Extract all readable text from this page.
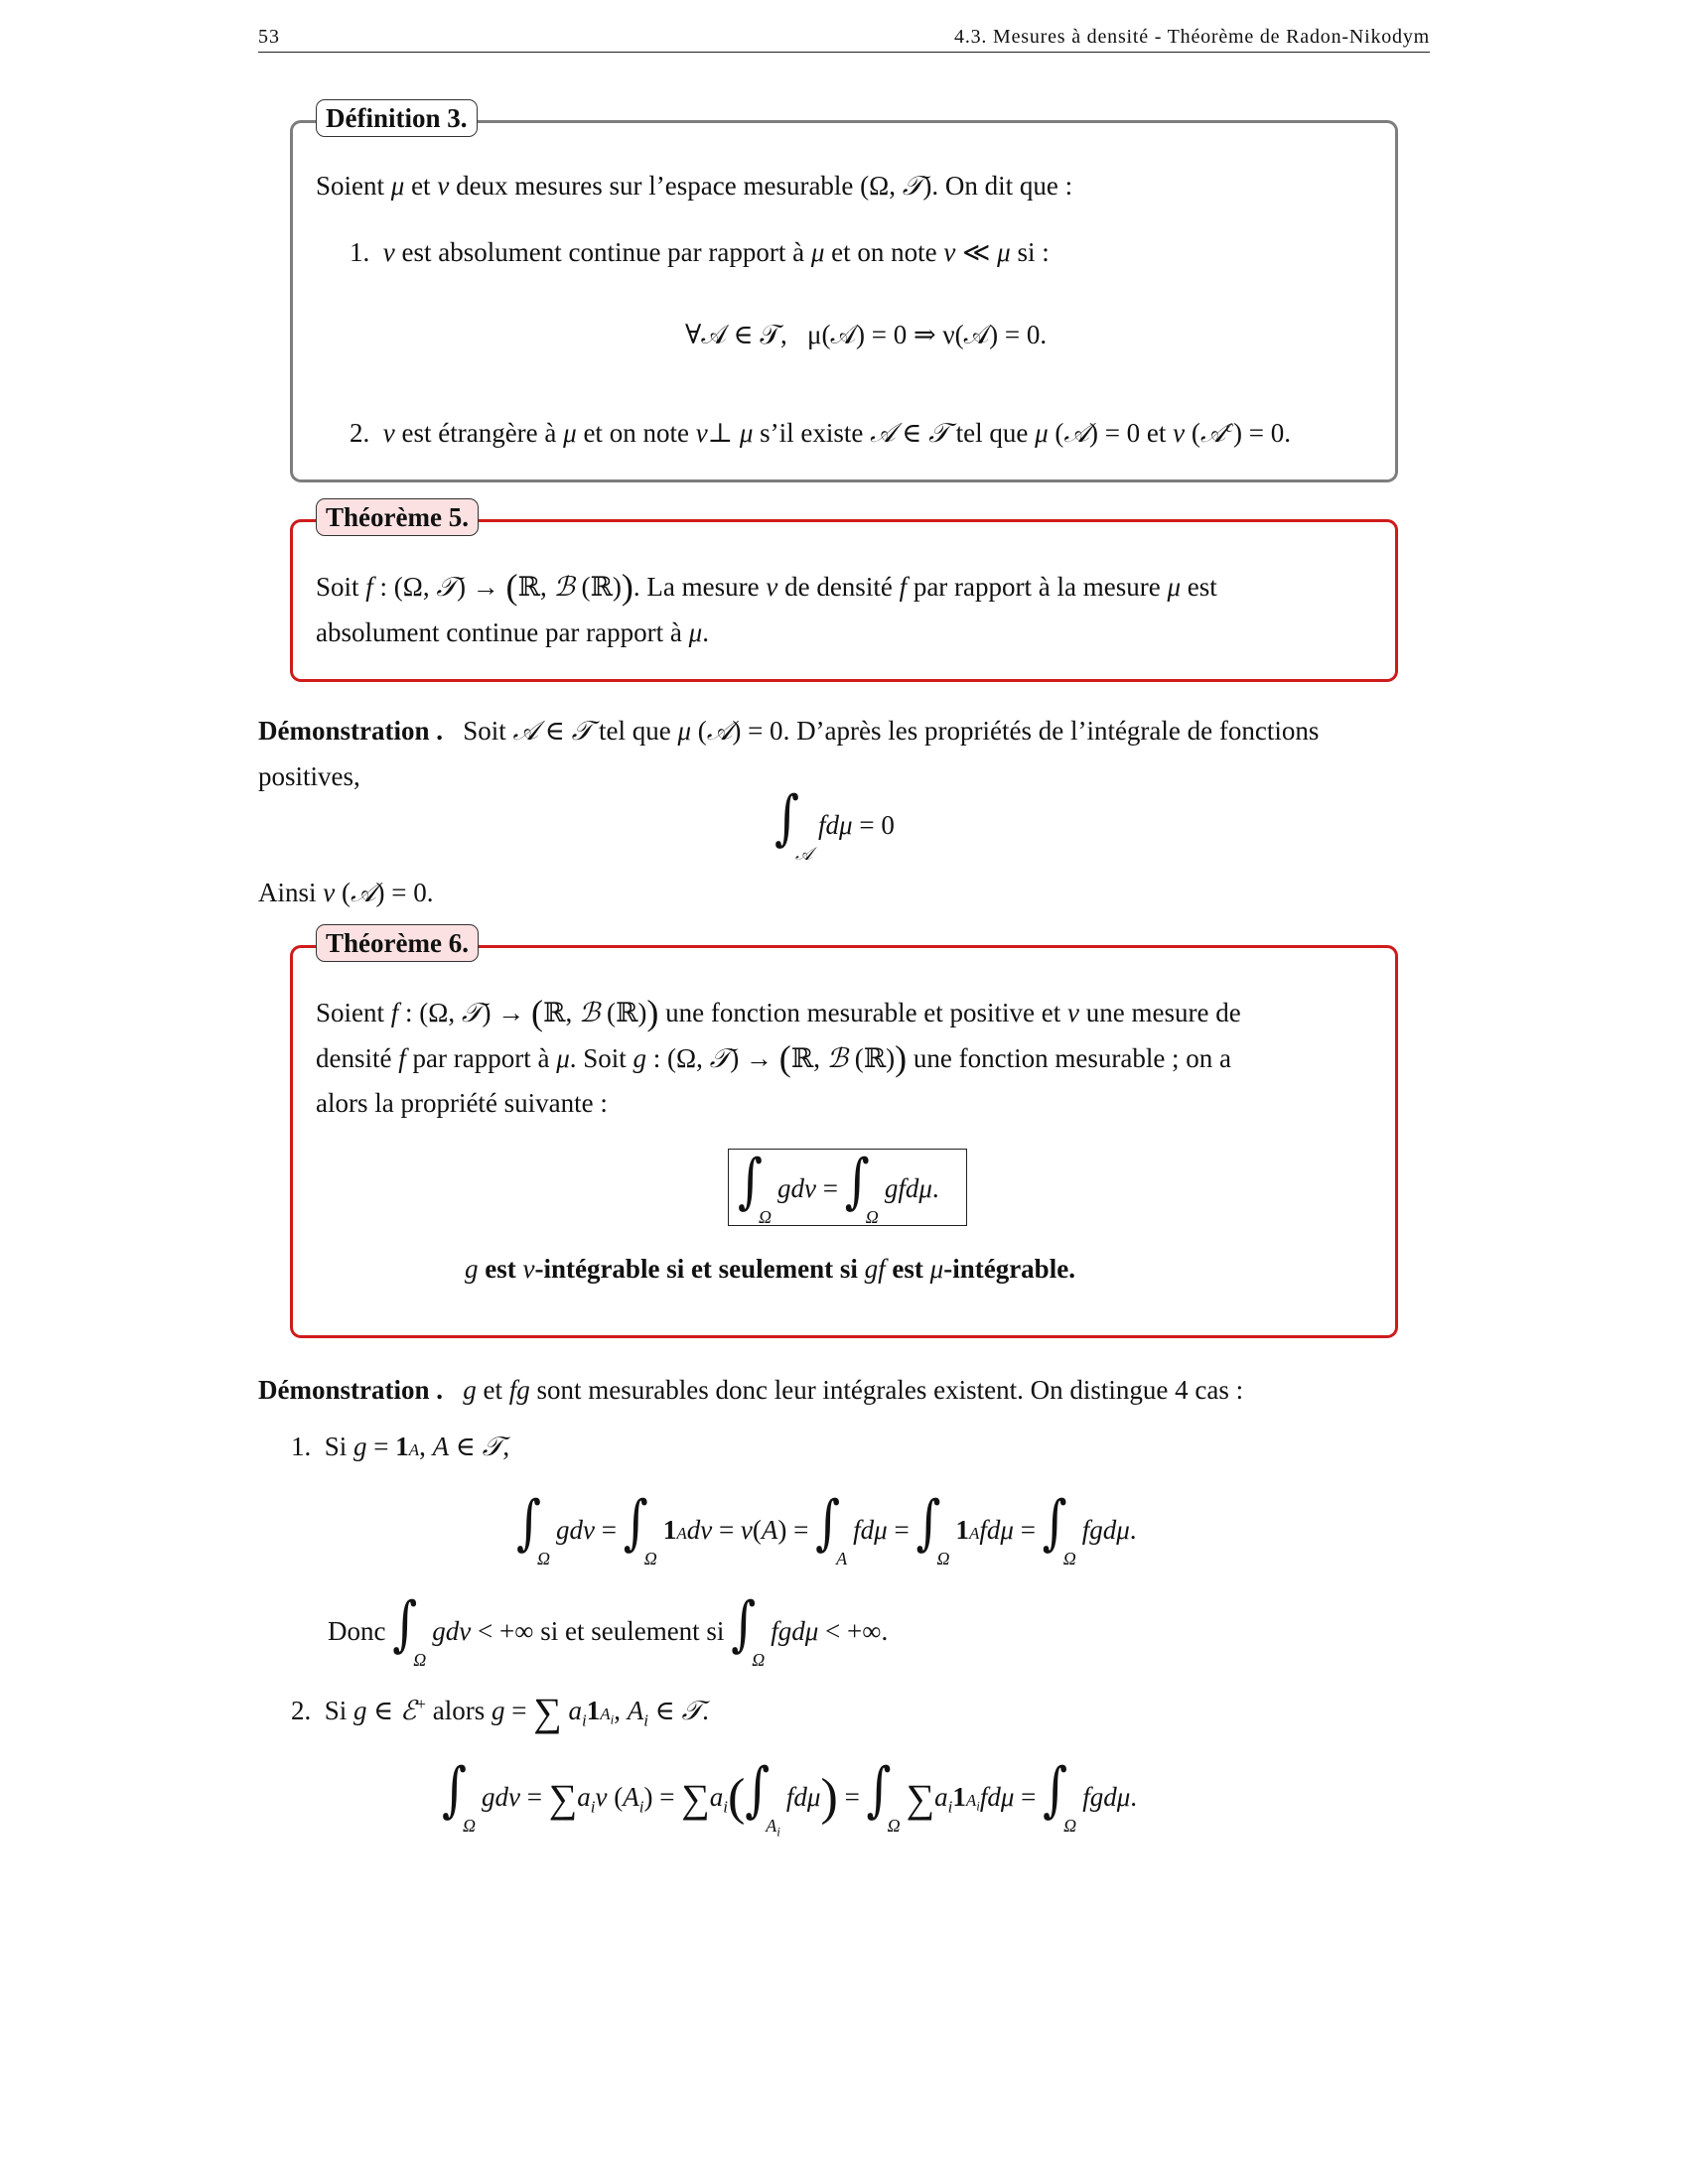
53	4.3. Mesures à densité - Théorème de Radon-Nikodym
Définition 3.
Soient μ et ν deux mesures sur l’espace mesurable (Ω, 𝒯). On dit que :
1. ν est absolument continue par rapport à μ et on note ν ≪ μ si :
∀𝒜 ∈ 𝒯, μ(𝒜) = 0 ⇒ ν(𝒜) = 0.
2. ν est étrangère à μ et on note ν⊥ μ s’il existe 𝒜 ∈ 𝒯 tel que μ (𝒜) = 0 et ν (𝒜$^c$) = 0.
Théorème 5.
Soit f : (Ω, 𝒯) → (ℝ, ℬ (ℝ)). La mesure ν de densité f par rapport à la mesure μ est
absolument continue par rapport à μ.
Démonstration . Soit 𝒜 ∈ 𝒯 tel que μ (𝒜) = 0. D’après les propriétés de l’intégrale de fonctions
positives,
$\int_𝒜fd\mu = 0$
Ainsi ν (𝒜) = 0.
Théorème 6.
Soient f : (Ω, 𝒯) → (ℝ, ℬ (ℝ)) une fonction mesurable et positive et ν une mesure de
densité f par rapport à μ. Soit g : (Ω, 𝒯) → (ℝ, ℬ (ℝ)) une fonction mesurable ; on a
alors la propriété suivante :
$\int_\Omega gd\nu = \int_\Omega gfd\mu$.
g est ν-intégrable si et seulement si gf est μ-intégrable.
Démonstration . g et fg sont mesurables donc leur intégrales existent. On distingue 4 cas :
1. Si g = 1A, A ∈ 𝒯,
$\int_\Omega gd\nu = \int_\Omega 1Ad\nu = \nu(A) = \int_Afd\mu = \int_\Omega 1Afd\mu = \int_\Omega fgd\mu$.
Donc $\int_\Omega gd\nu$ < +∞ si et seulement si $\int_\Omega fgd\mu$ < +∞.
2. Si g ∈ ℰ+ alors g = ∑ $a_i1A_i$, $A_i$ ∈ 𝒯.
$\int_\Omega gd\nu = \sum a_i\nu$ $(A_i) = \sum a_i(\int_{A_i}fd\mu) = \int_\Omega\sum a_i1A_ifd\mu = \int_\Omega fgd\mu$.
